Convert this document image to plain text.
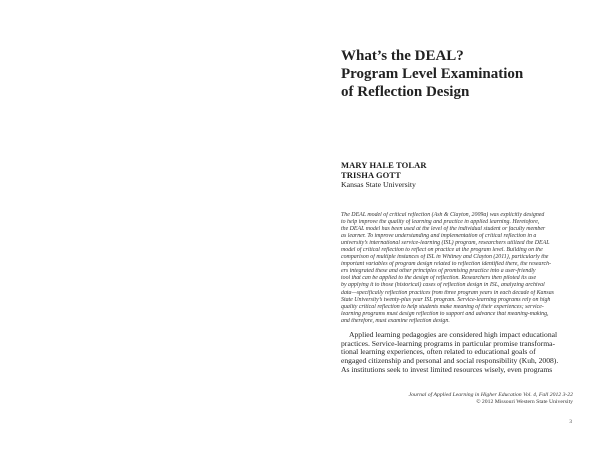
What’s the DEAL?
Program Level Examination
of Reflection Design
MARY HALE TOLAR
TRISHA GOTT
Kansas State University
The DEAL model of critical reflection (Ash & Clayton, 2009a) was explicitly designed
to help improve the quality of learning and practice in applied learning. Heretofore,
the DEAL model has been used at the level of the individual student or faculty member
as learner. To improve understanding and implementation of critical reflection in a
university’s international service-learning (ISL) program, researchers utilized the DEAL
model of critical reflection to reflect on practice at the program level. Building on the
comparison of multiple instances of ISL in Whitney and Clayton (2011), particularly the
important variables of program design related to reflection identified there, the research-
ers integrated these and other principles of promising practice into a user-friendly
tool that can be applied to the design of reflection. Researchers then piloted its use
by applying it to those (historical) cases of reflection design in ISL, analyzing archival
data—specifically reflection practices from three program years in each decade of Kansas
State University’s twenty-plus year ISL program. Service-learning programs rely on high
quality critical reflection to help students make meaning of their experiences; service-
learning programs must design reflection to support and advance that meaning-making,
and therefore, must examine reflection design.
Applied learning pedagogies are considered high impact educational
practices. Service-learning programs in particular promise transforma-
tional learning experiences, often related to educational goals of
engaged citizenship and personal and social responsibility (Kuh, 2008).
As institutions seek to invest limited resources wisely, even programs
Journal of Applied Learning in Higher Education Vol. 4, Fall 2012 3-22
© 2012 Missouri Western State University
3
